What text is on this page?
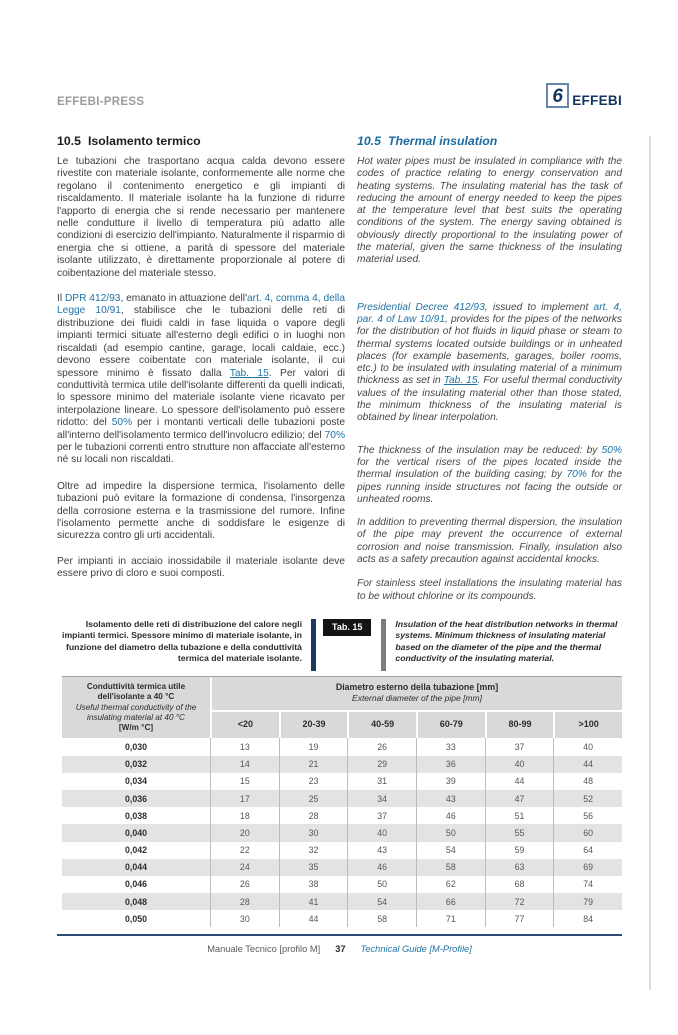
EFFEBI-PRESS	6 EFFEBI
10.5 Isolamento termico

Le tubazioni che trasportano acqua calda devono essere rivestite con materiale isolante, conformemente alle norme che regolano il contenimento energetico e gli impianti di riscaldamento. Il materiale isolante ha la funzione di ridurre l'apporto di energia che si rende necessario per mantenere nelle condutture il livello di temperatura più adatto alle condizioni di esercizio dell'impianto. Naturalmente il risparmio di energia che si ottiene, a parità di spessore del materiale isolante utilizzato, è direttamente proporzionale al potere di coibentazione del materiale stesso.

Il DPR 412/93, emanato in attuazione dell'art. 4, comma 4, della Legge 10/91, stabilisce che le tubazioni delle reti di distribuzione dei fluidi caldi in fase liquida o vapore degli impianti termici situate all'esterno degli edifici o in luoghi non riscaldati (ad esempio cantine, garage, locali caldaie, ecc.) devono essere coibentate con materiale isolante, il cui spessore minimo è fissato dalla Tab. 15. Per valori di conduttività termica utile dell'isolante differenti da quelli indicati, lo spessore minimo del materiale isolante viene ricavato per interpolazione lineare. Lo spessore dell'isolamento può essere ridotto: del 50% per i montanti verticali delle tubazioni poste all'interno dell'isolamento termico dell'involucro edilizio; del 70% per le tubazioni correnti entro strutture non affacciate all'esterno né su locali non riscaldati.

Oltre ad impedire la dispersione termica, l'isolamento delle tubazioni può evitare la formazione di condensa, l'insorgenza della corrosione esterna e la trasmissione del rumore. Infine l'isolamento permette anche di soddisfare le esigenze di sicurezza contro gli urti accidentali.

Per impianti in acciaio inossidabile il materiale isolante deve essere privo di cloro e suoi composti.

10.5 Thermal insulation

Hot water pipes must be insulated in compliance with the codes of practice relating to energy conservation and heating systems. The insulating material has the task of reducing the amount of energy needed to keep the pipes at the temperature level that best suits the operating conditions of the system. The energy saving obtained is obviously directly proportional to the insulating power of the material, given the same thickness of the insulating material used.

Presidential Decree 412/93, issued to implement art. 4, par. 4 of Law 10/91, provides for the pipes of the networks for the distribution of hot fluids in liquid phase or steam to thermal systems located outside buildings or in unheated places (for example basements, garages, boiler rooms, etc.) to be insulated with insulating material of a minimum thickness as set in Tab. 15. For useful thermal conductivity values of the insulating material other than those stated, the minimum thickness of the insulating material is obtained by linear interpolation.

The thickness of the insulation may be reduced: by 50% for the vertical risers of the pipes located inside the thermal insulation of the building casing; by 70% for the pipes running inside structures not facing the outside or unheated rooms.

In addition to preventing thermal dispersion, the insulation of the pipe may prevent the occurrence of external corrosion and noise transmission. Finally, insulation also acts as a safety precaution against accidental knocks.

For stainless steel installations the insulating material has to be without chlorine or its compounds.

Isolamento delle reti di distribuzione del calore negli impianti termici. Spessore minimo di materiale isolante, in funzione del diametro della tubazione e della conduttività termica del materiale isolante.
Tab. 15	Insulation of the heat distribution networks in thermal systems. Minimum thickness of insulating material based on the diameter of the pipe and the thermal conductivity of the insulating material.
Conduttività termica utile
dell'isolante a 40 °C
Useful thermal conductivity of the
insulating material at 40 °C
[W/m °C]
Diametro esterno della tubazione [mm]
External diameter of the pipe [mm]
<20	20-39	40-59	60-79	80-99	>100
0,030	13	19	26	33	37	40
0,032	14	21	29	36	40	44
0,034	15	23	31	39	44	48
0,036	17	25	34	43	47	52
0,038	18	28	37	46	51	56
0,040	20	30	40	50	55	60
0,042	22	32	43	54	59	64
0,044	24	35	46	58	63	69
0,046	26	38	50	62	68	74
0,048	28	41	54	66	72	79
0,050	30	44	58	71	77	84
Manuale Tecnico [profilo M] 37 Technical Guide [M-Profile]
